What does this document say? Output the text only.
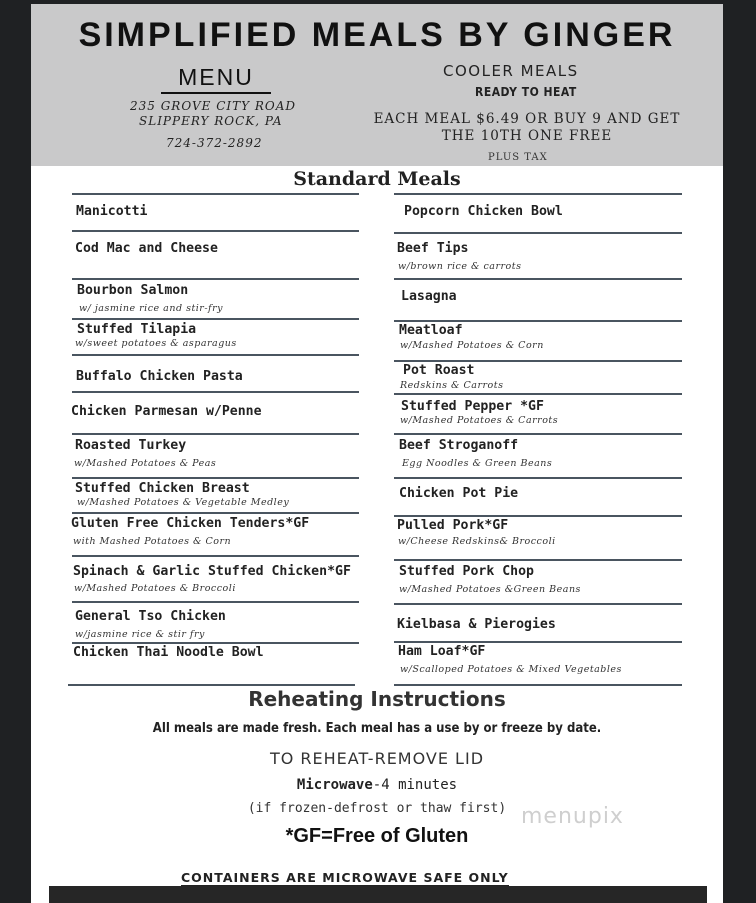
SIMPLIFIED MEALS BY GINGER
MENU
235 GROVE CITY ROAD
SLIPPERY ROCK, PA
724-372-2892
COOLER MEALS
READY TO HEAT
EACH MEAL $6.49 OR BUY 9 AND GET
THE 10TH ONE FREE
PLUS TAX
Standard Meals
Manicotti
Cod Mac and Cheese
Bourbon Salmon
w/ jasmine rice and stir-fry
Stuffed Tilapia
w/sweet potatoes & asparagus
Buffalo Chicken Pasta
Chicken Parmesan w/Penne
Roasted Turkey
w/Mashed Potatoes & Peas
Stuffed Chicken Breast
w/Mashed Potatoes & Vegetable Medley
Gluten Free Chicken Tenders*GF
with Mashed Potatoes & Corn
Spinach & Garlic Stuffed Chicken*GF
w/Mashed Potatoes & Broccoli
General Tso Chicken
w/jasmine rice & stir fry
Chicken Thai Noodle Bowl
Popcorn Chicken Bowl
Beef Tips
w/brown rice & carrots
Lasagna
Meatloaf
w/Mashed Potatoes & Corn
Pot Roast
Redskins & Carrots
Stuffed Pepper *GF
w/Mashed Potatoes & Carrots
Beef Stroganoff
Egg Noodles & Green Beans
Chicken Pot Pie
Pulled Pork*GF
w/Cheese Redskins& Broccoli
Stuffed Pork Chop
w/Mashed Potatoes &Green Beans
Kielbasa & Pierogies
Ham Loaf*GF
w/Scalloped Potatoes & Mixed Vegetables
Reheating Instructions
All meals are made fresh. Each meal has a use by or freeze by date.
TO REHEAT-REMOVE LID
Microwave-4 minutes
(if frozen-defrost or thaw first)
*GF=Free of Gluten
menupix
CONTAINERS ARE MICROWAVE SAFE ONLY
